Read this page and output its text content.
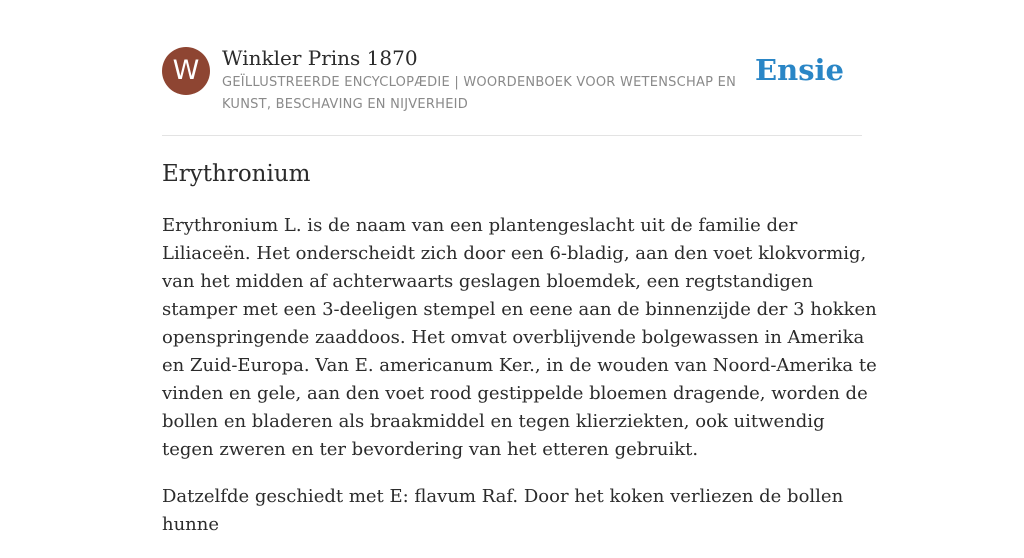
W	Winkler Prins 1870
GEÏLLUSTREERDE ENCYCLOPÆDIE | WOORDENBOEK VOOR WETENSCHAP EN KUNST, BESCHAVING EN NIJVERHEID
Ensie
Erythronium

Erythronium L. is de naam van een plantengeslacht uit de familie der Liliaceën. Het onderscheidt zich door een 6-bladig, aan den voet klokvormig, van het midden af achterwaarts geslagen bloemdek, een regtstandigen stamper met een 3-deeligen stempel en eene aan de binnenzijde der 3 hokken openspringende zaaddoos. Het omvat overblijvende bolgewassen in Amerika en Zuid-Europa. Van E. americanum Ker., in de wouden van Noord-Amerika te vinden en gele, aan den voet rood gestippelde bloemen dragende, worden de bollen en bladeren als braakmiddel en tegen klierziekten, ook uitwendig tegen zweren en ter bevordering van het etteren gebruikt.

Datzelfde geschiedt met E: flavum Raf. Door het koken verliezen de bollen hunne
